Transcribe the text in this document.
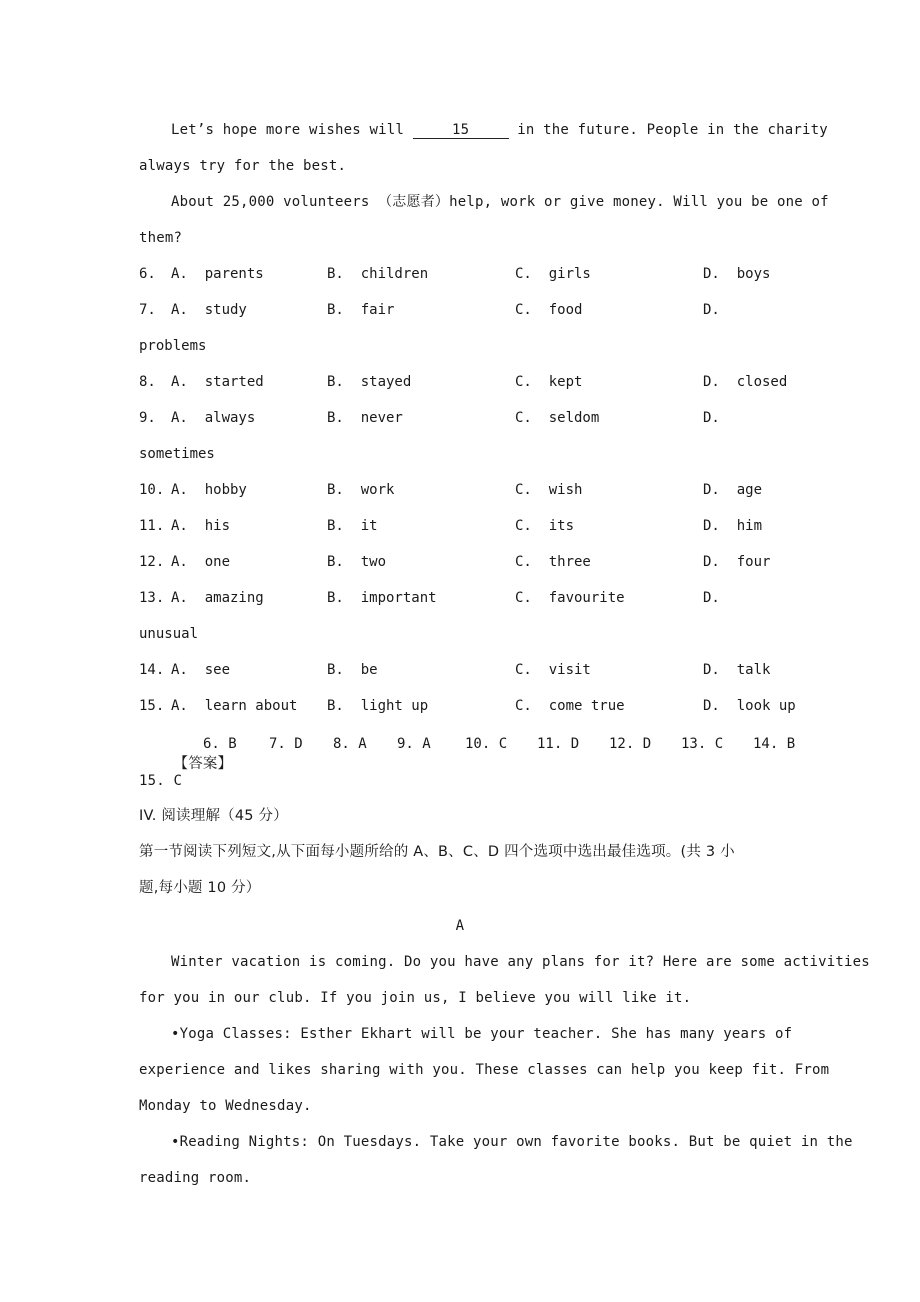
Let’s hope more wishes will	15	in the future. People in the charity
always try for the best.
About 25,000 volunteers （志愿者）help, work or give money. Will you be one of
them?
6. A.  parents	B.  children	C.  girls	D.  boys
7. A.  study	B.  fair	C.  food	D.
problems
8. A.  started	B.  stayed	C.  kept	D.  closed
9. A.  always	B.  never	C.  seldom	D.
sometimes
10. A.  hobby	B.  work	C.  wish	D.  age
11. A.  his	B.  it	C.  its	D.  him
12. A.  one	B.  two	C.  three	D.  four
13. A.  amazing	B.  important	C.  favourite	D.
unusual
14. A.  see	B.  be	C.  visit	D.  talk
15. A.  learn about B.  light up	C.  come true	D.  look up

【答案】

6. B 7. D 8. A 9. A 10. C 11. D 12. D 13. C 14. B
15. C
IV. 阅读理解（45 分）
第一节阅读下列短文,从下面每小题所给的 A、B、C、D 四个选项中选出最佳选项。(共 3 小
题,每小题 10 分）
A
Winter vacation is coming. Do you have any plans for it? Here are some activities
for you in our club. If you join us, I believe you will like it.
•Yoga Classes: Esther Ekhart will be your teacher. She has many years of
experience and likes sharing with you. These classes can help you keep fit. From
Monday to Wednesday.
•Reading Nights: On Tuesdays. Take your own favorite books. But be quiet in the
reading room.
